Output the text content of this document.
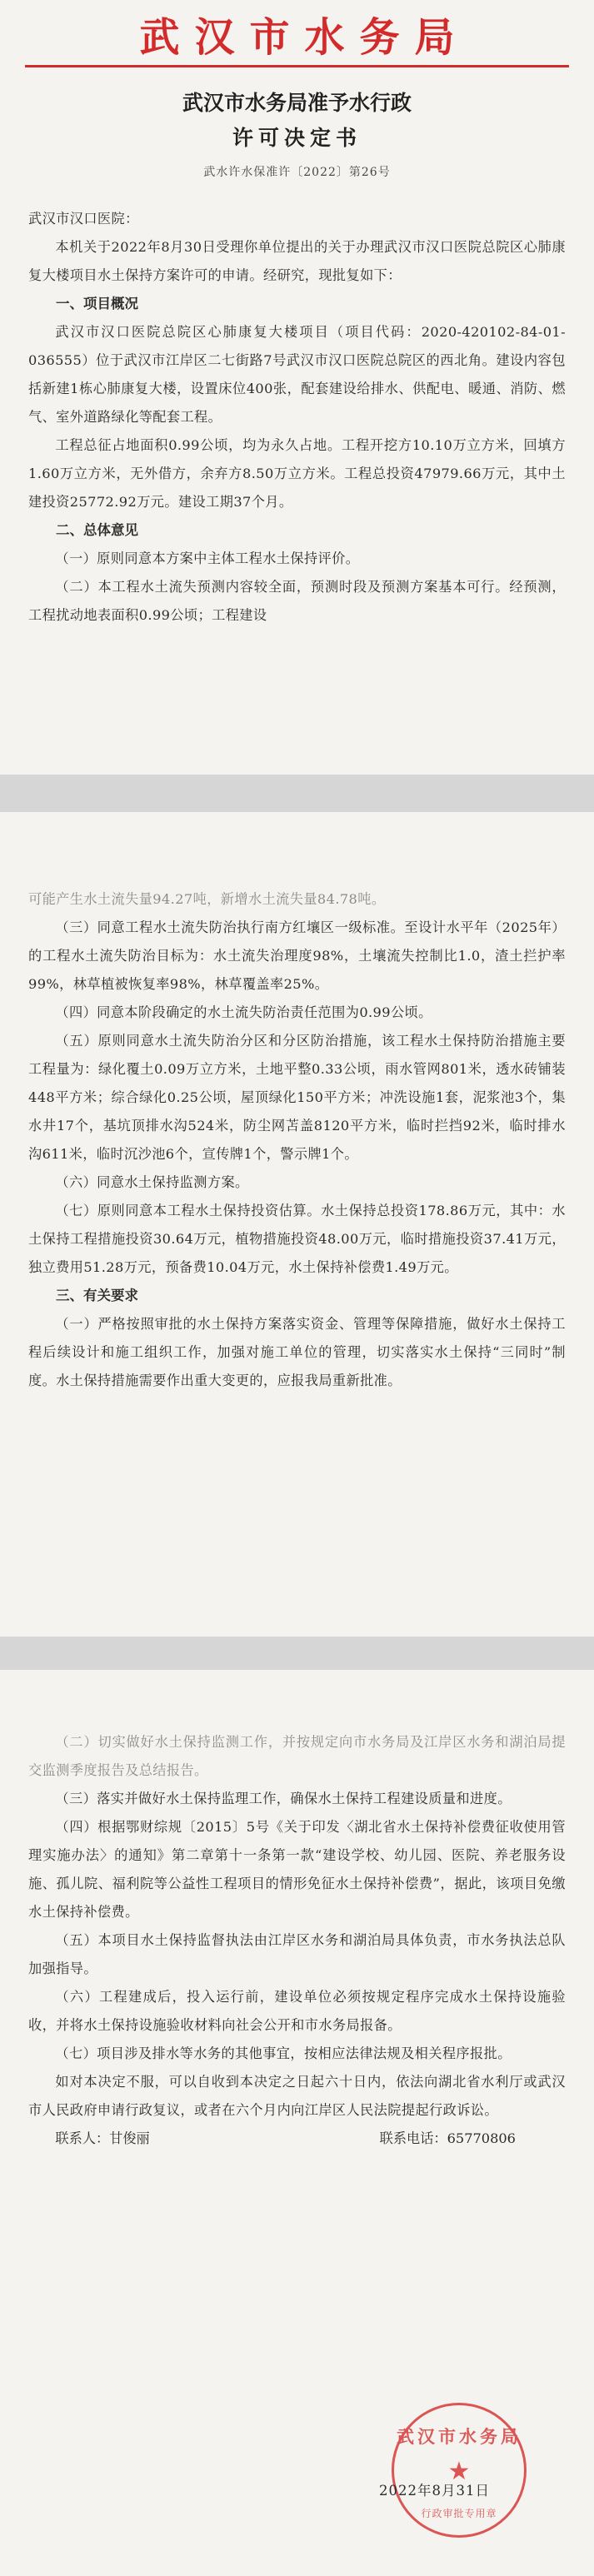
武汉市水务局
武汉市水务局准予水行政
许可决定书
武水许水保准许〔2022〕第26号

武汉市汉口医院：

本机关于2022年8月30日受理你单位提出的关于办理武汉市汉口医院总院区心肺康复大楼项目水土保持方案许可的申请。经研究，现批复如下：

一、项目概况

武汉市汉口医院总院区心肺康复大楼项目（项目代码：2020-420102-84-01-036555）位于武汉市江岸区二七街路7号武汉市汉口医院总院区的西北角。建设内容包括新建1栋心肺康复大楼，设置床位400张，配套建设给排水、供配电、暖通、消防、燃气、室外道路绿化等配套工程。

工程总征占地面积0.99公顷，均为永久占地。工程开挖方10.10万立方米，回填方1.60万立方米，无外借方，余弃方8.50万立方米。工程总投资47979.66万元，其中土建投资25772.92万元。建设工期37个月。

二、总体意见

（一）原则同意本方案中主体工程水土保持评价。

（二）本工程水土流失预测内容较全面，预测时段及预测方案基本可行。经预测，工程扰动地表面积0.99公顷；工程建设

可能产生水土流失量94.27吨，新增水土流失量84.78吨。

（三）同意工程水土流失防治执行南方红壤区一级标准。至设计水平年（2025年）的工程水土流失防治目标为：水土流失治理度98%，土壤流失控制比1.0，渣土拦护率99%，林草植被恢复率98%，林草覆盖率25%。

（四）同意本阶段确定的水土流失防治责任范围为0.99公顷。

（五）原则同意水土流失防治分区和分区防治措施，该工程水土保持防治措施主要工程量为：绿化覆土0.09万立方米，土地平整0.33公顷，雨水管网801米，透水砖铺装448平方米；综合绿化0.25公顷，屋顶绿化150平方米；冲洗设施1套，泥浆池3个，集水井17个，基坑顶排水沟524米，防尘网苫盖8120平方米，临时拦挡92米，临时排水沟611米，临时沉沙池6个，宣传牌1个，警示牌1个。

（六）同意水土保持监测方案。

（七）原则同意本工程水土保持投资估算。水土保持总投资178.86万元，其中：水土保持工程措施投资30.64万元，植物措施投资48.00万元，临时措施投资37.41万元，独立费用51.28万元，预备费10.04万元，水土保持补偿费1.49万元。

三、有关要求

（一）严格按照审批的水土保持方案落实资金、管理等保障措施，做好水土保持工程后续设计和施工组织工作，加强对施工单位的管理，切实落实水土保持“三同时”制度。水土保持措施需要作出重大变更的，应报我局重新批准。

（二）切实做好水土保持监测工作，并按规定向市水务局及江岸区水务和湖泊局提交监测季度报告及总结报告。

（三）落实并做好水土保持监理工作，确保水土保持工程建设质量和进度。

（四）根据鄂财综规〔2015〕5号《关于印发〈湖北省水土保持补偿费征收使用管理实施办法〉的通知》第二章第十一条第一款“建设学校、幼儿园、医院、养老服务设施、孤儿院、福利院等公益性工程项目的情形免征水土保持补偿费”，据此，该项目免缴水土保持补偿费。

（五）本项目水土保持监督执法由江岸区水务和湖泊局具体负责，市水务执法总队加强指导。

（六）工程建成后，投入运行前，建设单位必须按规定程序完成水土保持设施验收，并将水土保持设施验收材料向社会公开和市水务局报备。

（七）项目涉及排水等水务的其他事宜，按相应法律法规及相关程序报批。

如对本决定不服，可以自收到本决定之日起六十日内，依法向湖北省水利厅或武汉市人民政府申请行政复议，或者在六个月内向江岸区人民法院提起行政诉讼。

联系人：甘俊丽	联系电话：65770806
武汉市水务局
★
行政审批专用章
2022年8月31日
